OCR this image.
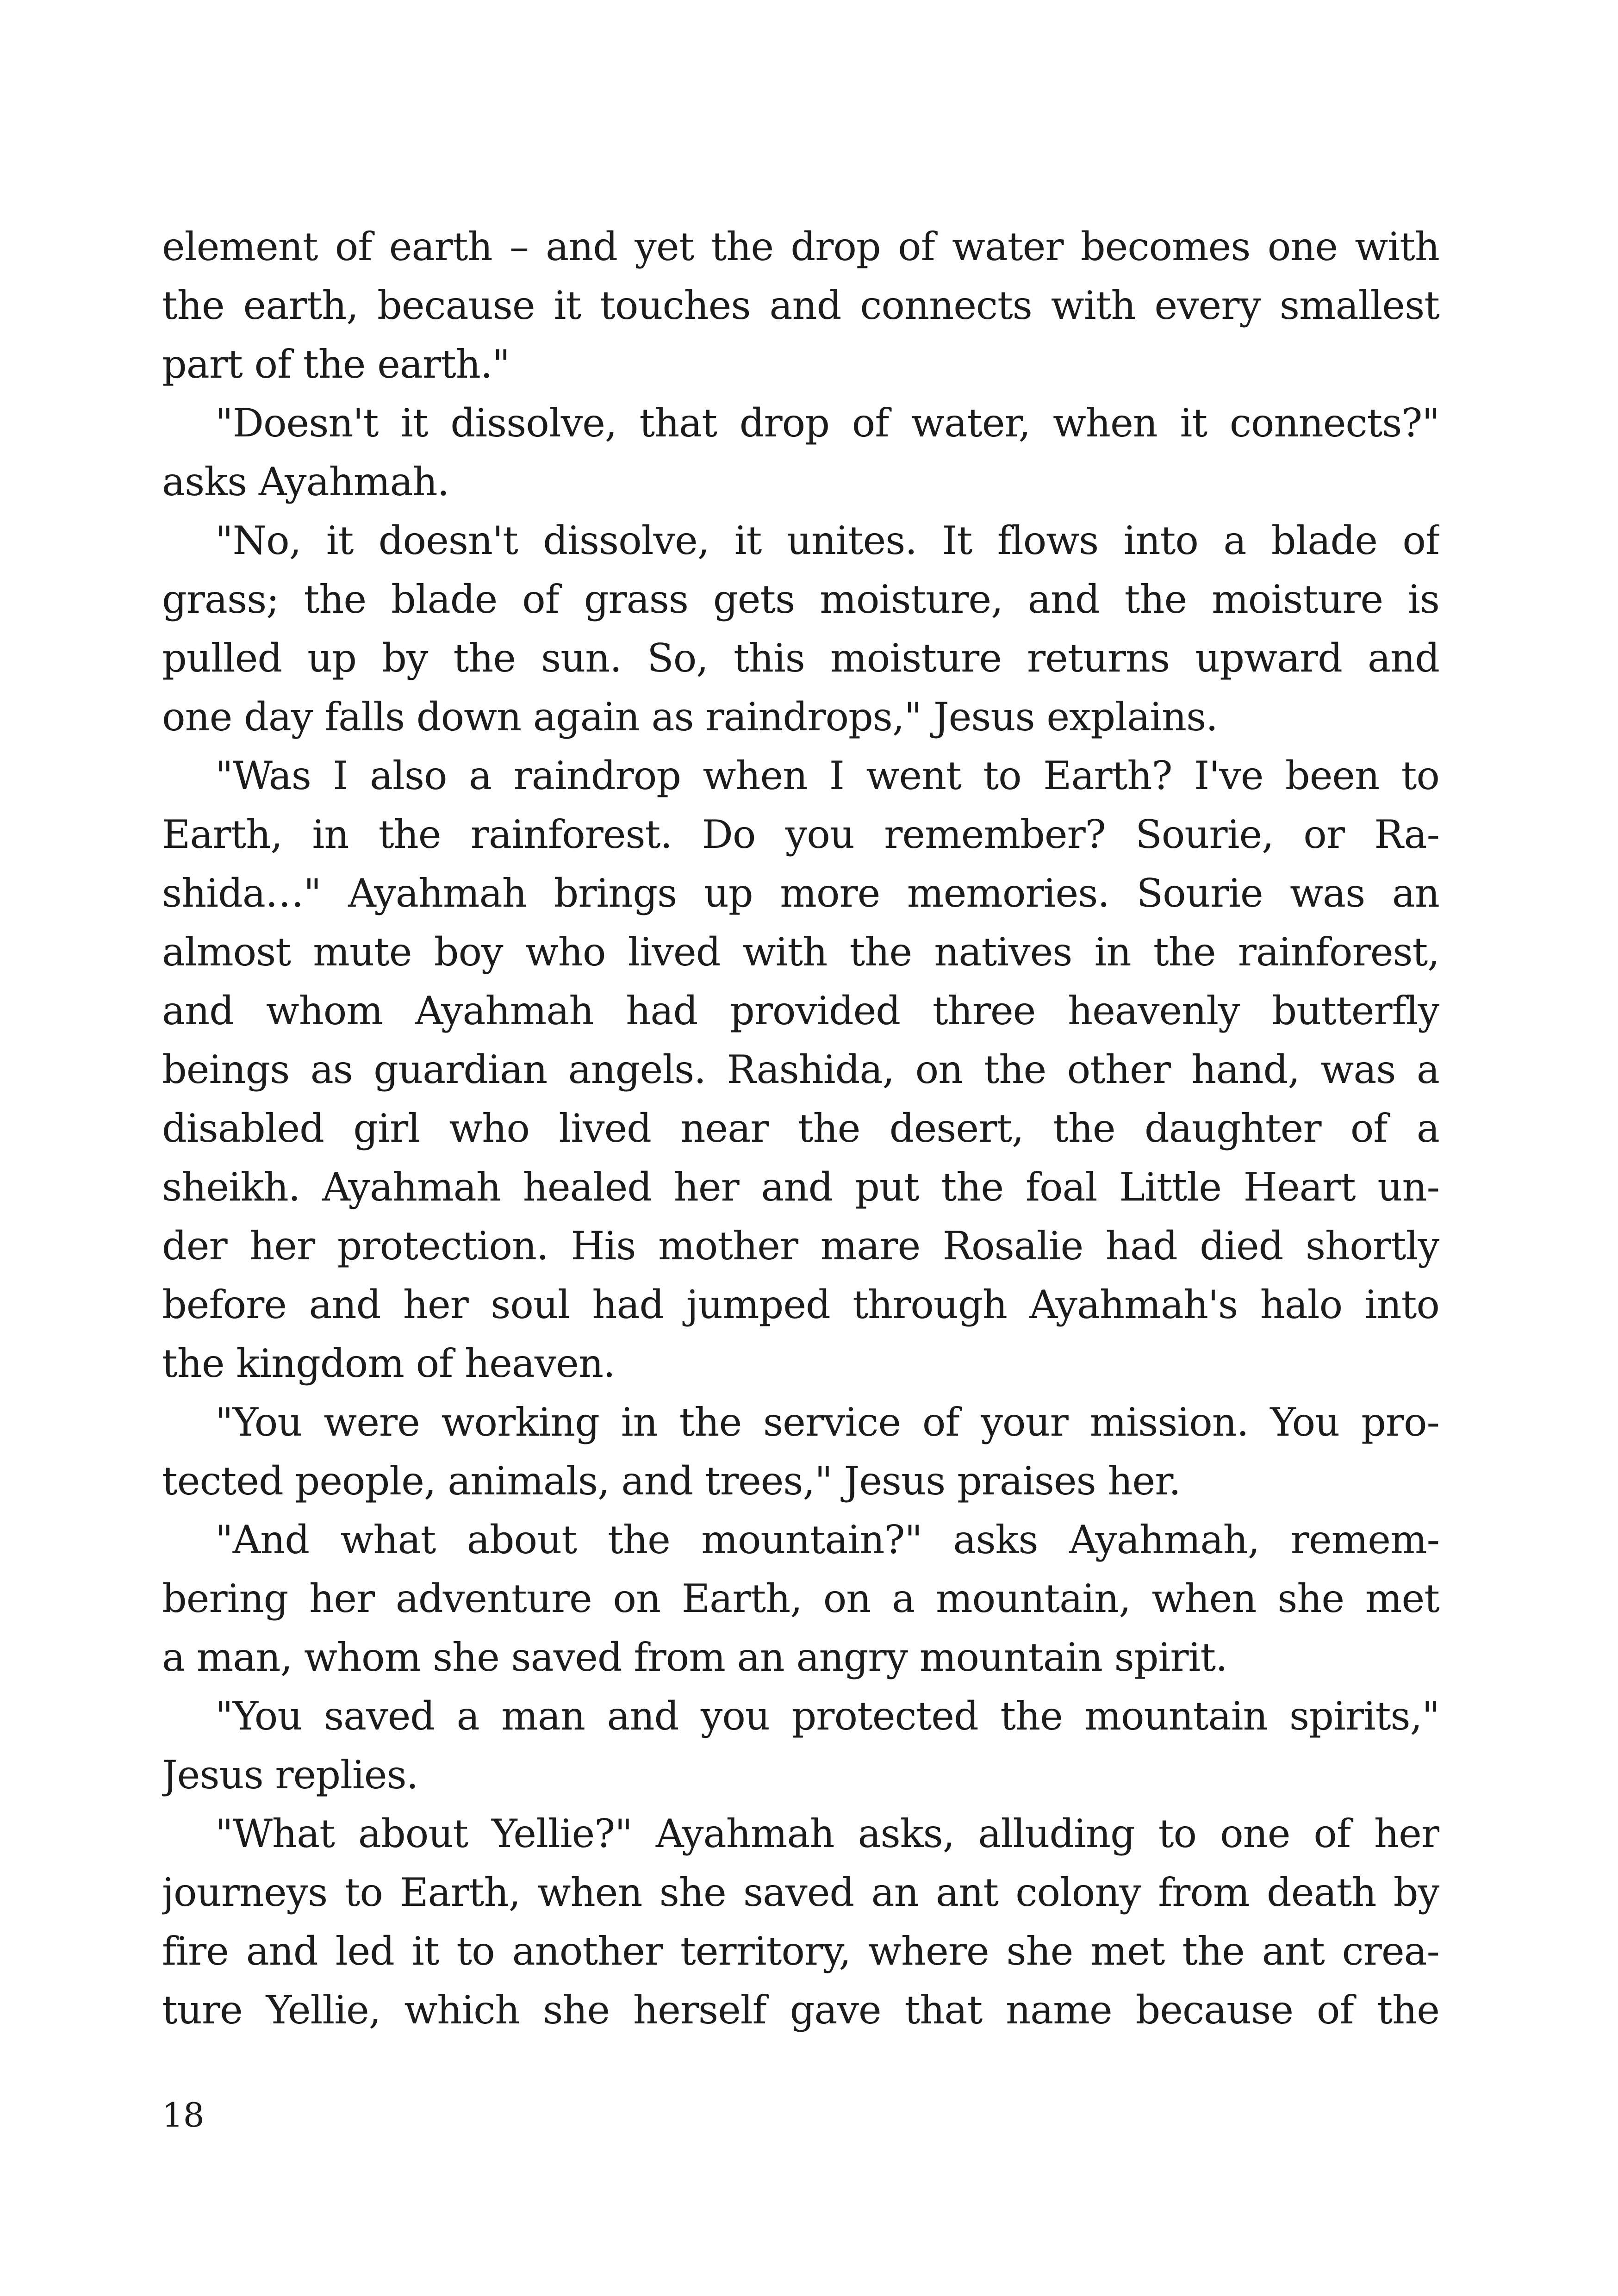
element of earth – and yet the drop of water becomes one with
the earth, because it touches and connects with every smallest
part of the earth."
"Doesn't it dissolve, that drop of water, when it connects?"
asks Ayahmah.
"No, it doesn't dissolve, it unites. It flows into a blade of
grass; the blade of grass gets moisture, and the moisture is
pulled up by the sun. So, this moisture returns upward and
one day falls down again as raindrops," Jesus explains.
"Was I also a raindrop when I went to Earth? I've been to
Earth, in the rainforest. Do you remember? Sourie, or Ra-
shida…" Ayahmah brings up more memories. Sourie was an
almost mute boy who lived with the natives in the rainforest,
and whom Ayahmah had provided three heavenly butterfly
beings as guardian angels. Rashida, on the other hand, was a
disabled girl who lived near the desert, the daughter of a
sheikh. Ayahmah healed her and put the foal Little Heart un-
der her protection. His mother mare Rosalie had died shortly
before and her soul had jumped through Ayahmah's halo into
the kingdom of heaven.
"You were working in the service of your mission. You pro-
tected people, animals, and trees," Jesus praises her.
"And what about the mountain?" asks Ayahmah, remem-
bering her adventure on Earth, on a mountain, when she met
a man, whom she saved from an angry mountain spirit.
"You saved a man and you protected the mountain spirits,"
Jesus replies.
"What about Yellie?" Ayahmah asks, alluding to one of her
journeys to Earth, when she saved an ant colony from death by
fire and led it to another territory, where she met the ant crea-
ture Yellie, which she herself gave that name because of the
18
